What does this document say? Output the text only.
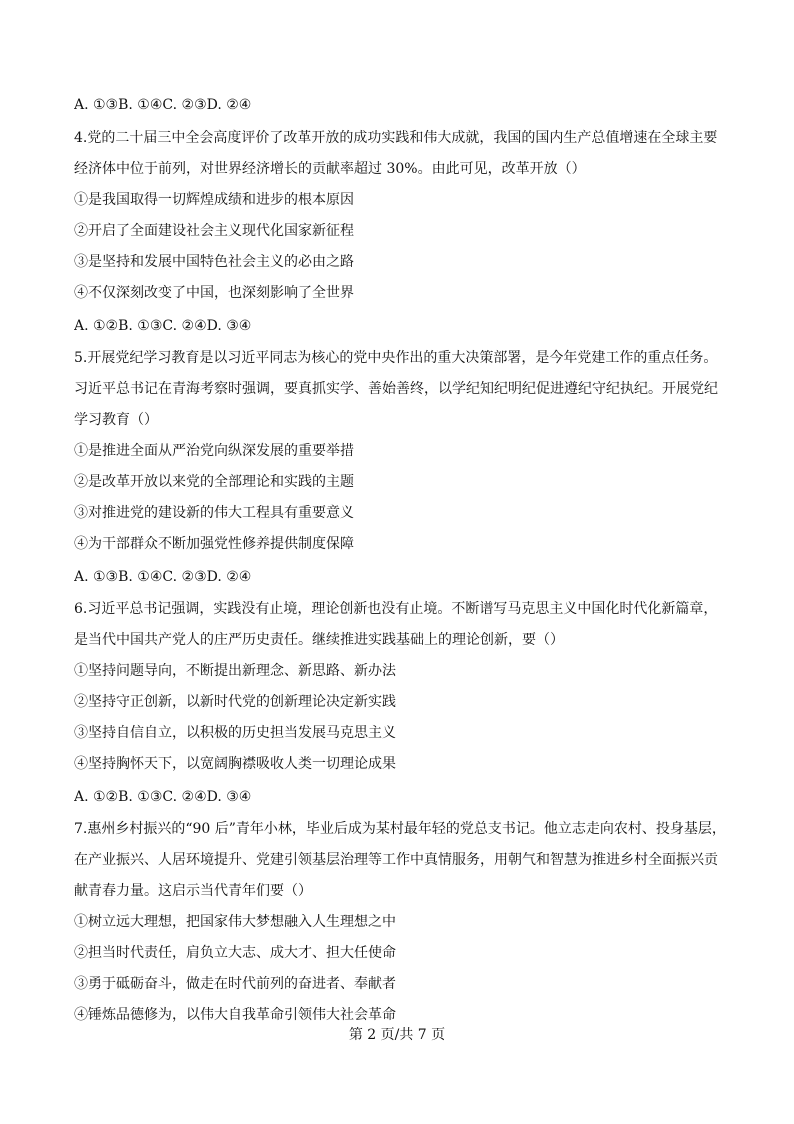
A. ①③B. ①④C. ②③D. ②④
4.党的二十届三中全会高度评价了改革开放的成功实践和伟大成就，我国的国内生产总值增速在全球主要
经济体中位于前列，对世界经济增长的贡献率超过 30%。由此可见，改革开放（）
①是我国取得一切辉煌成绩和进步的根本原因
②开启了全面建设社会主义现代化国家新征程
③是坚持和发展中国特色社会主义的必由之路
④不仅深刻改变了中国，也深刻影响了全世界
A. ①②B. ①③C. ②④D. ③④
5.开展党纪学习教育是以习近平同志为核心的党中央作出的重大决策部署，是今年党建工作的重点任务。
习近平总书记在青海考察时强调，要真抓实学、善始善终，以学纪知纪明纪促进遵纪守纪执纪。开展党纪
学习教育（）
①是推进全面从严治党向纵深发展的重要举措
②是改革开放以来党的全部理论和实践的主题
③对推进党的建设新的伟大工程具有重要意义
④为干部群众不断加强党性修养提供制度保障
A. ①③B. ①④C. ②③D. ②④
6.习近平总书记强调，实践没有止境，理论创新也没有止境。不断谱写马克思主义中国化时代化新篇章，
是当代中国共产党人的庄严历史责任。继续推进实践基础上的理论创新，要（）
①坚持问题导向，不断提出新理念、新思路、新办法
②坚持守正创新，以新时代党的创新理论决定新实践
③坚持自信自立，以积极的历史担当发展马克思主义
④坚持胸怀天下，以宽阔胸襟吸收人类一切理论成果
A. ①②B. ①③C. ②④D. ③④
7.惠州乡村振兴的“90 后”青年小林，毕业后成为某村最年轻的党总支书记。他立志走向农村、投身基层，
在产业振兴、人居环境提升、党建引领基层治理等工作中真情服务，用朝气和智慧为推进乡村全面振兴贡
献青春力量。这启示当代青年们要（）
①树立远大理想，把国家伟大梦想融入人生理想之中
②担当时代责任，肩负立大志、成大才、担大任使命
③勇于砥砺奋斗，做走在时代前列的奋进者、奉献者
④锤炼品德修为，以伟大自我革命引领伟大社会革命
第 2 页/共 7 页
